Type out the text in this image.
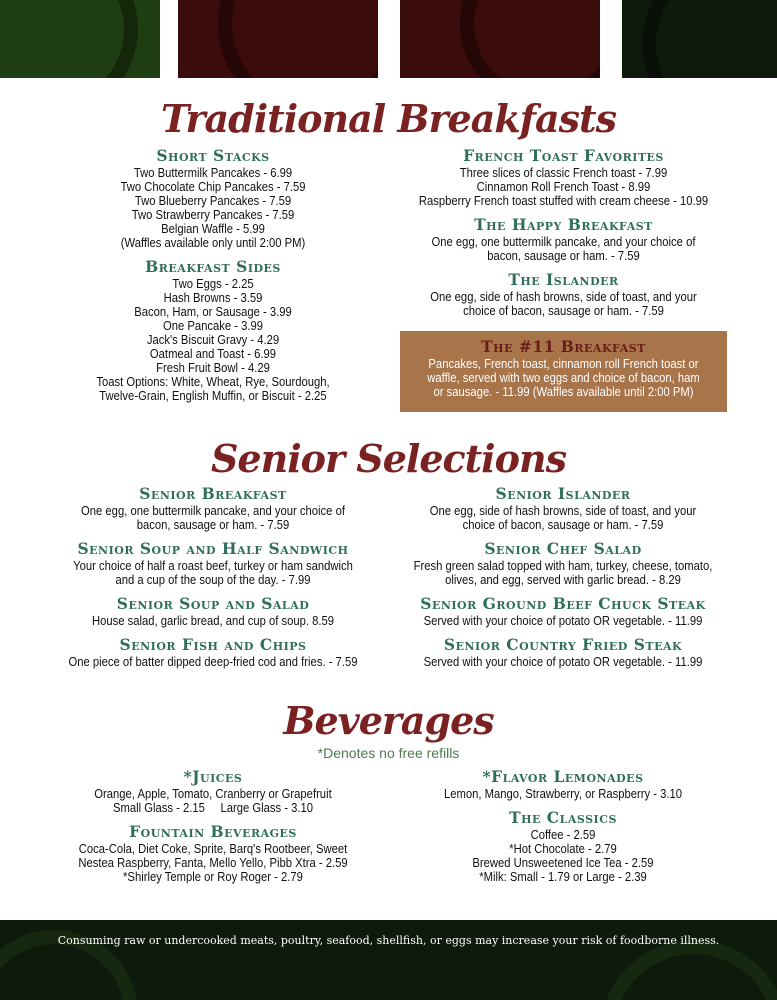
Traditional Breakfasts

Short Stacks

Two Buttermilk Pancakes - 6.99

Two Chocolate Chip Pancakes - 7.59

Two Blueberry Pancakes - 7.59

Two Strawberry Pancakes - 7.59

Belgian Waffle - 5.99

(Waffles available only until 2:00 PM)

Breakfast Sides

Two Eggs - 2.25

Hash Browns - 3.59

Bacon, Ham, or Sausage - 3.99

One Pancake - 3.99

Jack's Biscuit Gravy - 4.29

Oatmeal and Toast - 6.99

Fresh Fruit Bowl - 4.29

Toast Options: White, Wheat, Rye, Sourdough,

Twelve-Grain, English Muffin, or Biscuit - 2.25

French Toast Favorites

Three slices of classic French toast - 7.99

Cinnamon Roll French Toast - 8.99

Raspberry French toast stuffed with cream cheese - 10.99

The Happy Breakfast

One egg, one buttermilk pancake, and your choice of

bacon, sausage or ham. - 7.59

The Islander

One egg, side of hash browns, side of toast, and your

choice of bacon, sausage or ham. - 7.59

The #11 Breakfast

Pancakes, French toast, cinnamon roll French toast or

waffle, served with two eggs and choice of bacon, ham

or sausage. - 11.99 (Waffles available until 2:00 PM)

Senior Selections

Senior Breakfast

One egg, one buttermilk pancake, and your choice of

bacon, sausage or ham. - 7.59

Senior Soup and Half Sandwich

Your choice of half a roast beef, turkey or ham sandwich

and a cup of the soup of the day. - 7.99

Senior Soup and Salad

House salad, garlic bread, and cup of soup. 8.59

Senior Fish and Chips

One piece of batter dipped deep-fried cod and fries. - 7.59

Senior Islander

One egg, side of hash browns, side of toast, and your

choice of bacon, sausage or ham. - 7.59

Senior Chef Salad

Fresh green salad topped with ham, turkey, cheese, tomato,

olives, and egg, served with garlic bread. - 8.29

Senior Ground Beef Chuck Steak

Served with your choice of potato OR vegetable. - 11.99

Senior Country Fried Steak

Served with your choice of potato OR vegetable. - 11.99

Beverages
*Denotes no free refills

*Juices

Orange, Apple, Tomato, Cranberry or Grapefruit

Small Glass - 2.15     Large Glass - 3.10

Fountain Beverages

Coca-Cola, Diet Coke, Sprite, Barq's Rootbeer, Sweet

Nestea Raspberry, Fanta, Mello Yello, Pibb Xtra - 2.59

*Shirley Temple or Roy Roger - 2.79

*Flavor Lemonades

Lemon, Mango, Strawberry, or Raspberry - 3.10

The Classics

Coffee - 2.59

*Hot Chocolate - 2.79

Brewed Unsweetened Ice Tea - 2.59

*Milk: Small - 1.79 or Large - 2.39

Consuming raw or undercooked meats, poultry, seafood, shellfish, or eggs may increase your risk of foodborne illness.
